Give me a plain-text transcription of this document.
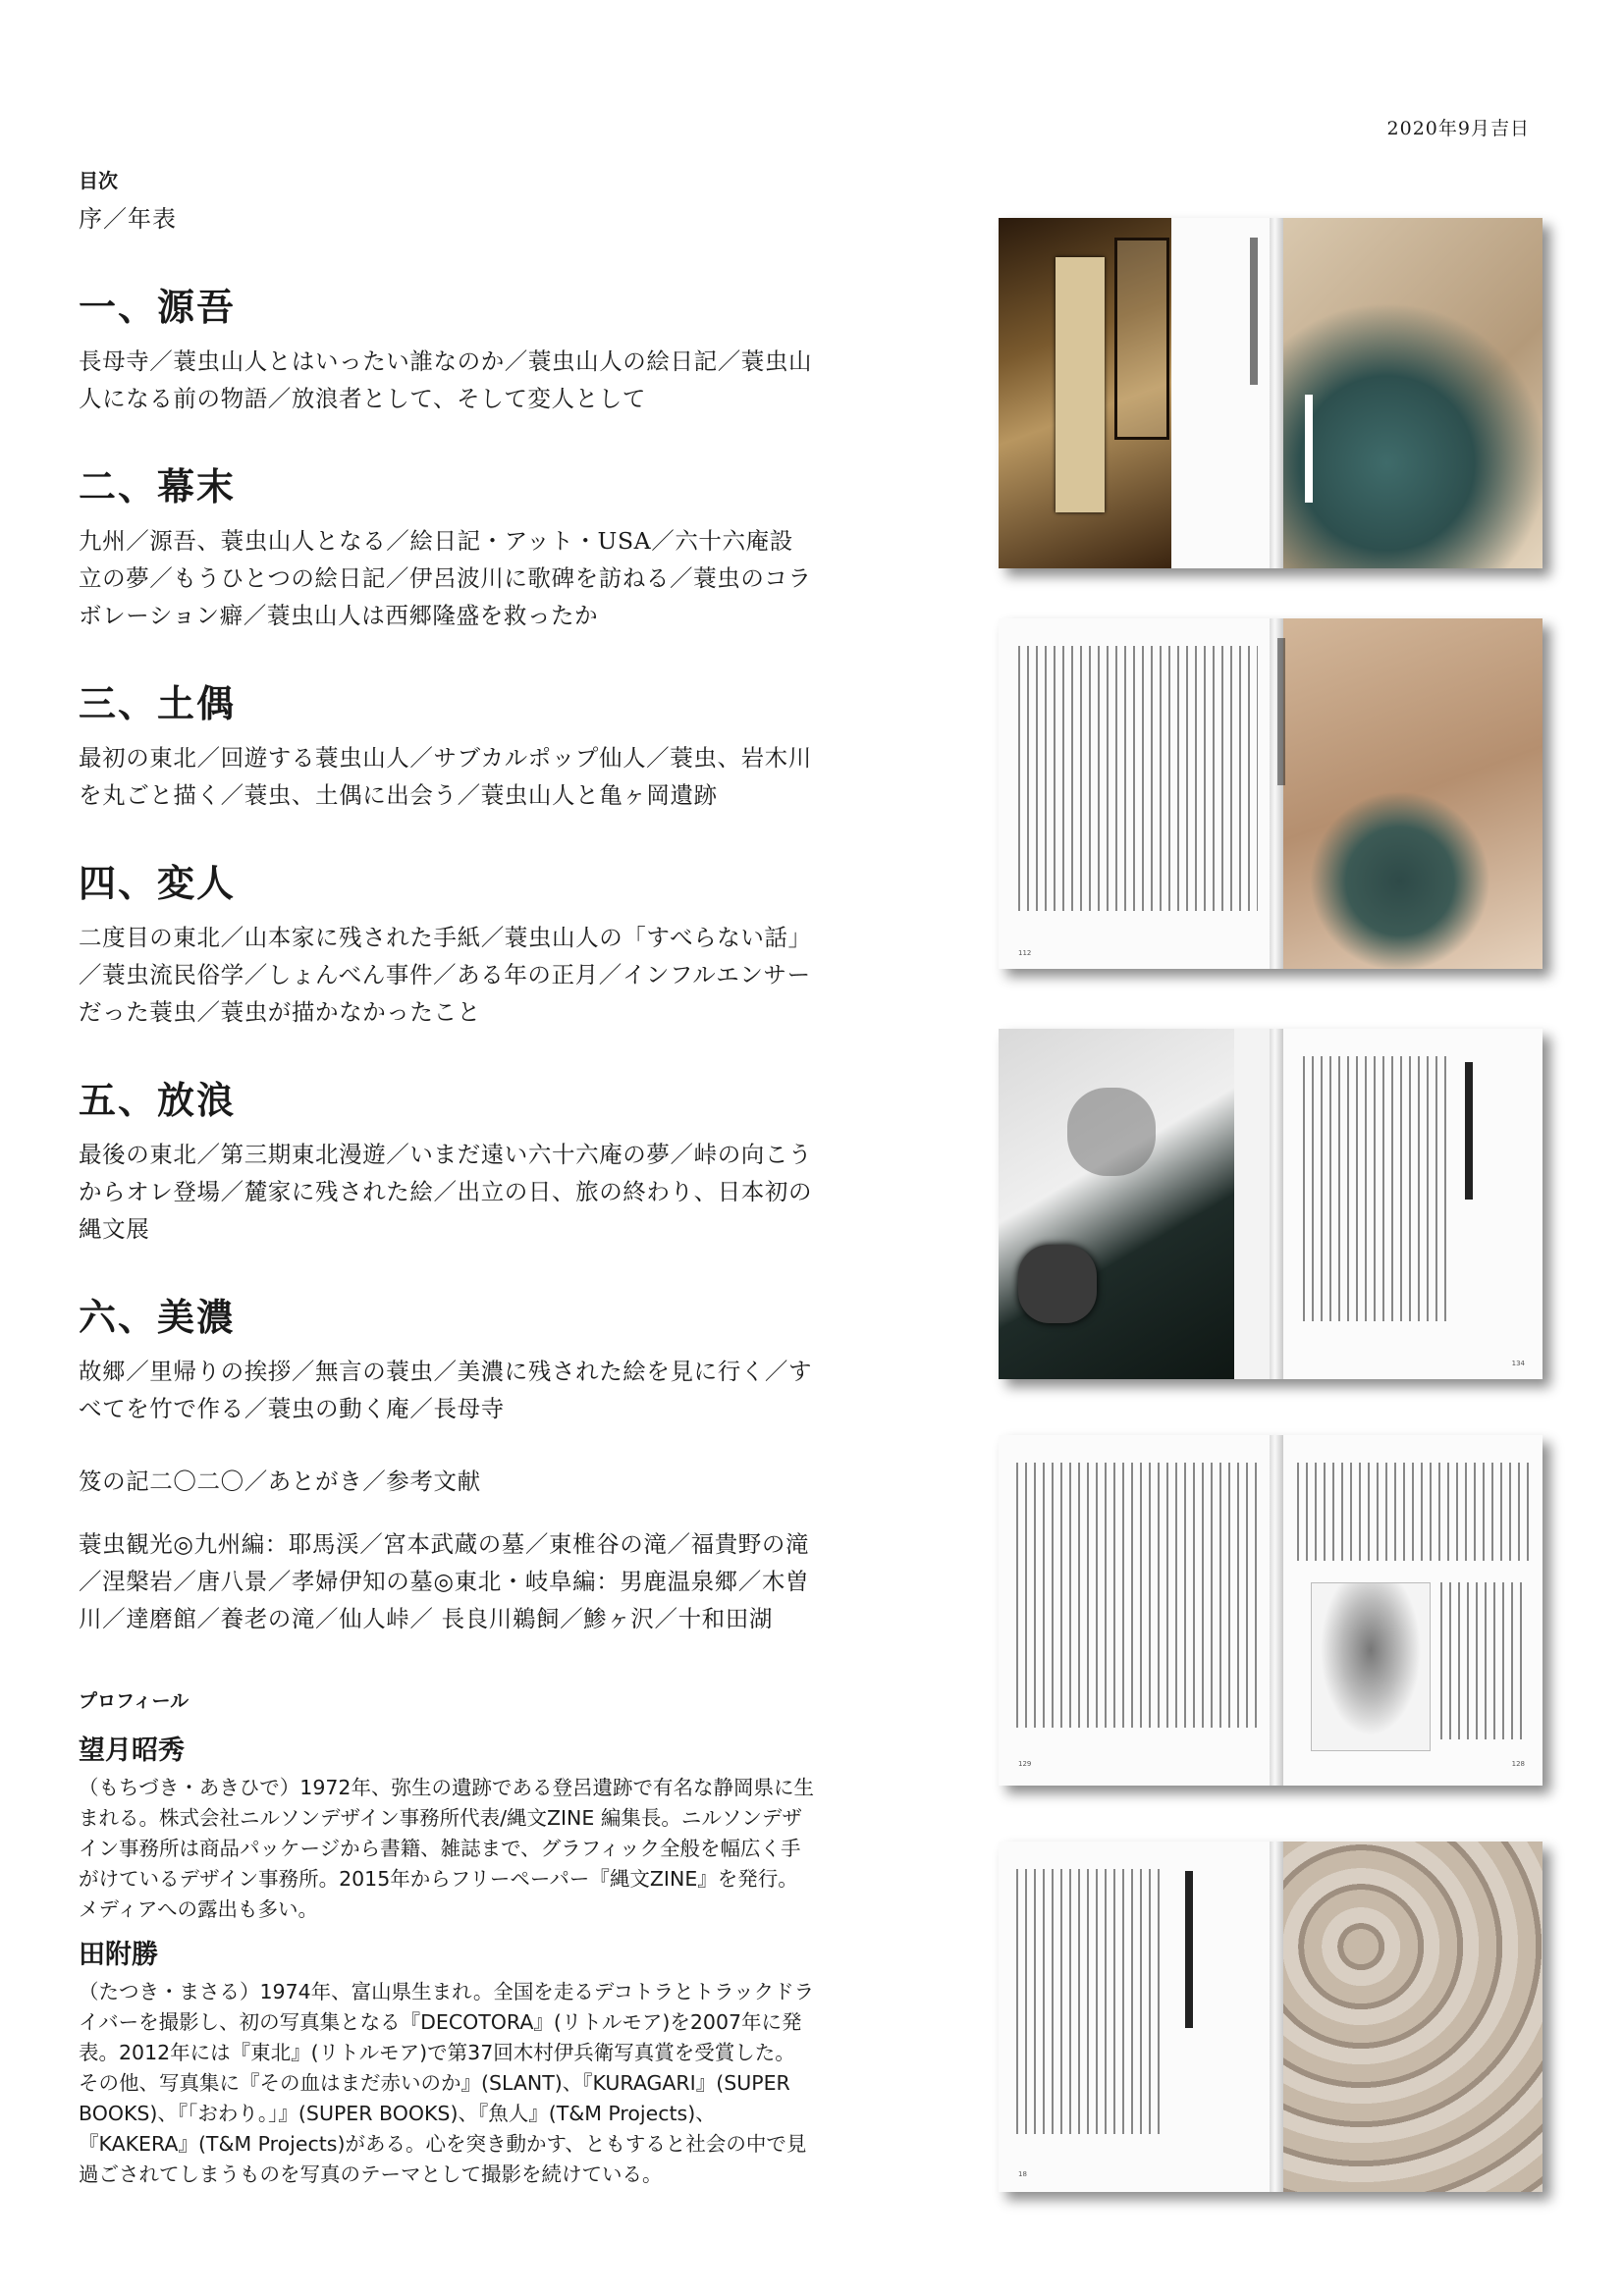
2020年9月吉日

目次

序／年表

一、源吾

長母寺／蓑虫山人とはいったい誰なのか／蓑虫山人の絵日記／蓑虫山人になる前の物語／放浪者として、そして変人として

二、幕末

九州／源吾、蓑虫山人となる／絵日記・アット・USA／六十六庵設立の夢／もうひとつの絵日記／伊呂波川に歌碑を訪ねる／蓑虫のコラボレーション癖／蓑虫山人は西郷隆盛を救ったか

三、土偶

最初の東北／回遊する蓑虫山人／サブカルポップ仙人／蓑虫、岩木川を丸ごと描く／蓑虫、土偶に出会う／蓑虫山人と亀ヶ岡遺跡

四、変人

二度目の東北／山本家に残された手紙／蓑虫山人の「すべらない話」／蓑虫流民俗学／しょんべん事件／ある年の正月／インフルエンサーだった蓑虫／蓑虫が描かなかったこと

五、放浪

最後の東北／第三期東北漫遊／いまだ遠い六十六庵の夢／峠の向こうからオレ登場／麓家に残された絵／出立の日、旅の終わり、日本初の縄文展

六、美濃

故郷／里帰りの挨拶／無言の蓑虫／美濃に残された絵を見に行く／すべてを竹で作る／蓑虫の動く庵／長母寺

笈の記二〇二〇／あとがき／参考文献

蓑虫観光◎九州編：耶馬渓／宮本武蔵の墓／東椎谷の滝／福貴野の滝／涅槃岩／唐八景／孝婦伊知の墓◎東北・岐阜編：男鹿温泉郷／木曽川／達磨館／養老の滝／仙人峠／ 長良川鵜飼／鯵ヶ沢／十和田湖

プロフィール

望月昭秀

（もちづき・あきひで）1972年、弥生の遺跡である登呂遺跡で有名な静岡県に生まれる。株式会社ニルソンデザイン事務所代表/縄文ZINE 編集長。ニルソンデザイン事務所は商品パッケージから書籍、雑誌まで、グラフィック全般を幅広く手がけているデザイン事務所。2015年からフリーペーパー『縄文ZINE』を発行。メディアへの露出も多い。

田附勝

（たつき・まさる）1974年、富山県生まれ。全国を走るデコトラとトラックドライバーを撮影し、初の写真集となる『DECOTORA』(リトルモア)を2007年に発表。2012年には『東北』(リトルモア)で第37回木村伊兵衛写真賞を受賞した。その他、写真集に『その血はまだ赤いのか』(SLANT)、『KURAGARI』(SUPER BOOKS)、『「おわり。」』(SUPER BOOKS)、『魚人』(T&M Projects)、『KAKERA』(T&M Projects)がある。心を突き動かす、ともすると社会の中で見過ごされてしまうものを写真のテーマとして撮影を続けている。

112
134
129	128
18
